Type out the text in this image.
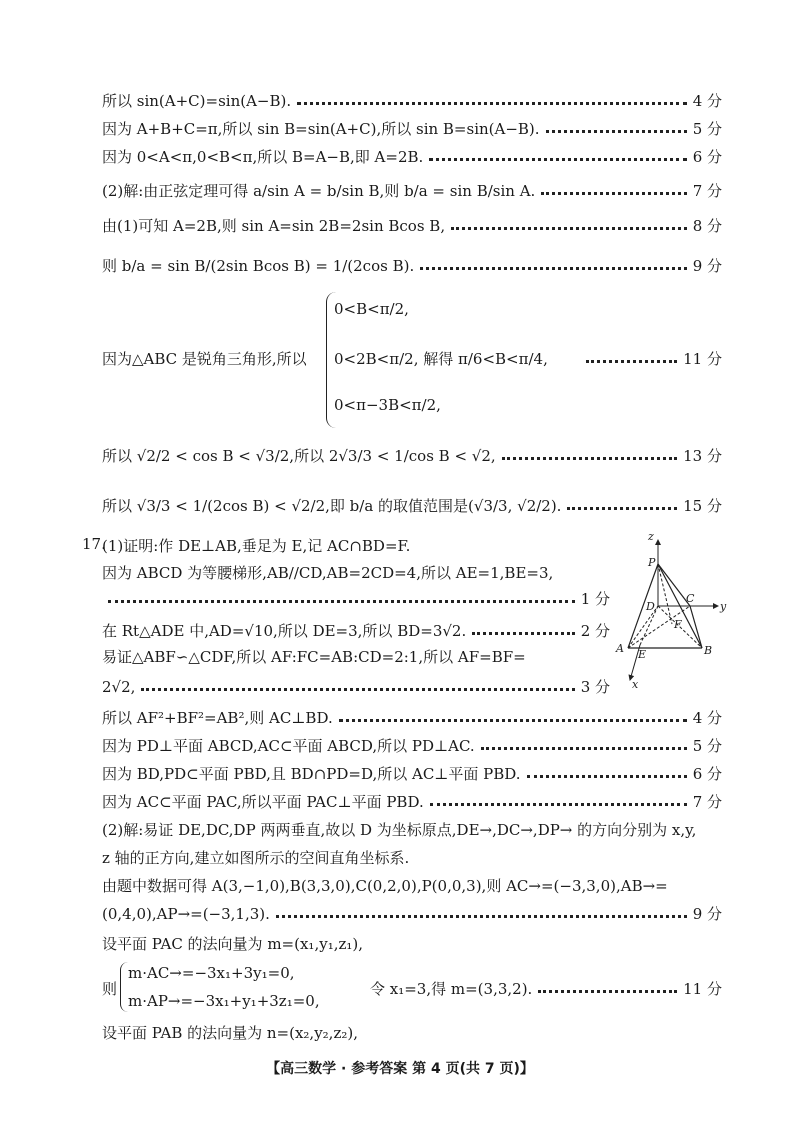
所以 sin(A+C)=sin(A−B).	4 分
因为 A+B+C=π,所以 sin B=sin(A+C),所以 sin B=sin(A−B).	5 分
因为 0<A<π,0<B<π,所以 B=A−B,即 A=2B.	6 分
(2)解:由正弦定理可得 a/sin A = b/sin B,则 b/a = sin B/sin A.	7 分
由(1)可知 A=2B,则 sin A=sin 2B=2sin Bcos B,	8 分
则 b/a = sin B/(2sin Bcos B) = 1/(2cos B).	9 分
因为△ABC 是锐角三角形,所以
0<B<π/2,
0<2B<π/2, 解得 π/6<B<π/4,
0<π−3B<π/2,
11 分
所以 √2/2 < cos B < √3/2,所以 2√3/3 < 1/cos B < √2,	13 分
所以 √3/3 < 1/(2cos B) < √2/2,即 b/a 的取值范围是(√3/3, √2/2).	15 分
17.
(1)证明:作 DE⊥AB,垂足为 E,记 AC∩BD=F.
因为 ABCD 为等腰梯形,AB//CD,AB=2CD=4,所以 AE=1,BE=3,
1 分
在 Rt△ADE 中,AD=√10,所以 DE=3,所以 BD=3√2.	2 分
易证△ABF∽△CDF,所以 AF:FC=AB:CD=2:1,所以 AF=BF=
2√2,	3 分
所以 AF²+BF²=AB²,则 AC⊥BD.	4 分
因为 PD⊥平面 ABCD,AC⊂平面 ABCD,所以 PD⊥AC.	5 分
因为 BD,PD⊂平面 PBD,且 BD∩PD=D,所以 AC⊥平面 PBD.	6 分
因为 AC⊂平面 PAC,所以平面 PAC⊥平面 PBD.	7 分
(2)解:易证 DE,DC,DP 两两垂直,故以 D 为坐标原点,DE→,DC→,DP→ 的方向分别为 x,y,
z 轴的正方向,建立如图所示的空间直角坐标系.
由题中数据可得 A(3,−1,0),B(3,3,0),C(0,2,0),P(0,0,3),则 AC→=(−3,3,0),AB→=
(0,4,0),AP→=(−3,1,3).	9 分
设平面 PAC 的法向量为 m=(x₁,y₁,z₁),
则
m·AC→=−3x₁+3y₁=0,
m·AP→=−3x₁+y₁+3z₁=0,
令 x₁=3,得 m=(3,3,2).	11 分
设平面 PAB 的法向量为 n=(x₂,y₂,z₂),
z
P
D
C
y
F
A E	B
x
【高三数学 · 参考答案 第 4 页(共 7 页)】
